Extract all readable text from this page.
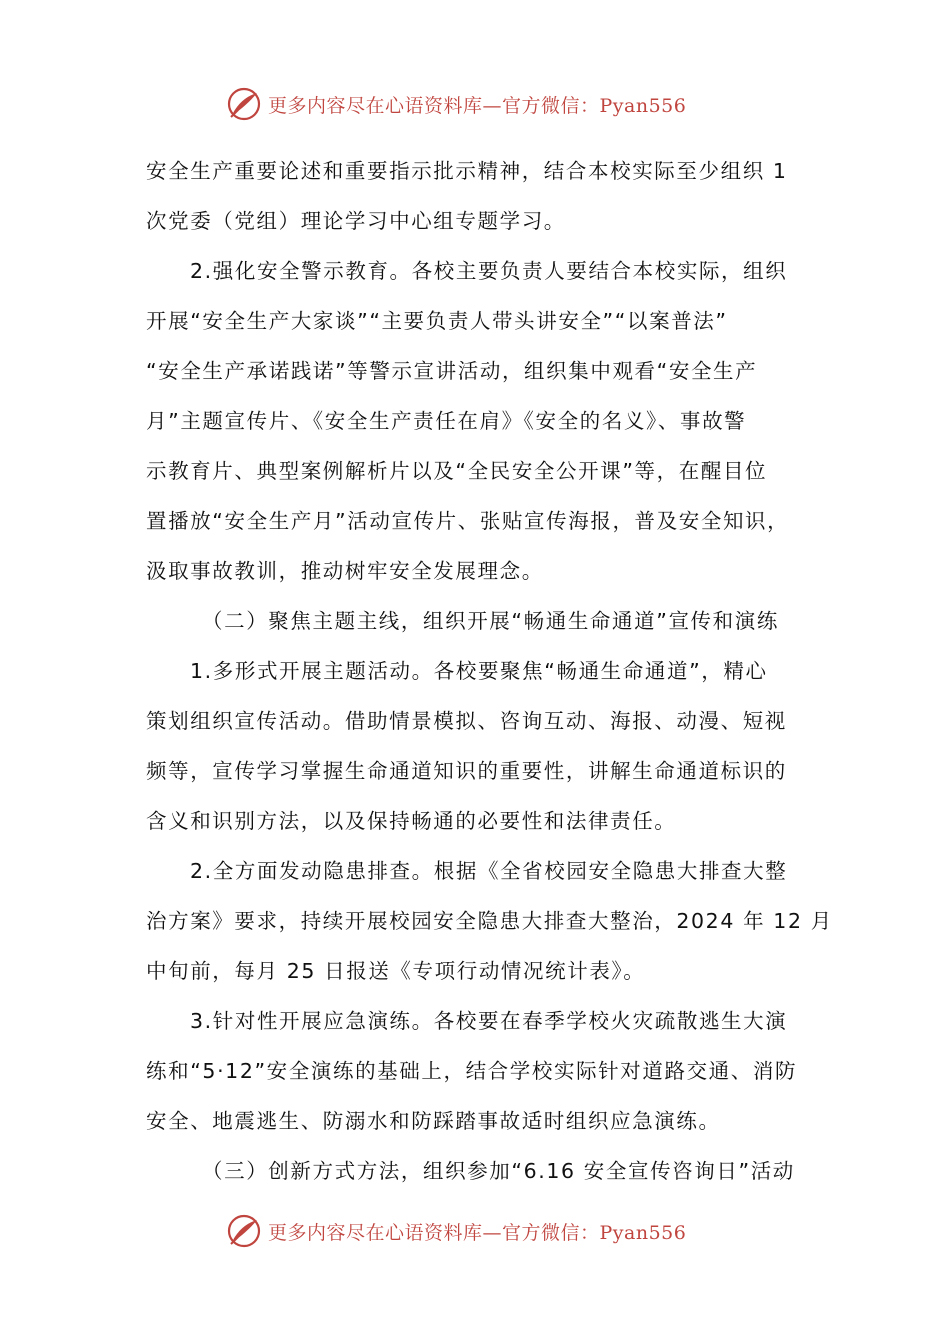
更多内容尽在心语资料库—官方微信：Pyan556
安全生产重要论述和重要指示批示精神，结合本校实际至少组织 1
次党委（党组）理论学习中心组专题学习。
2.强化安全警示教育。各校主要负责人要结合本校实际，组织
开展“安全生产大家谈”“主要负责人带头讲安全”“以案普法”
“安全生产承诺践诺”等警示宣讲活动，组织集中观看“安全生产
月”主题宣传片、《安全生产责任在肩》《安全的名义》、事故警
示教育片、典型案例解析片以及“全民安全公开课”等，在醒目位
置播放“安全生产月”活动宣传片、张贴宣传海报，普及安全知识，
汲取事故教训，推动树牢安全发展理念。
（二）聚焦主题主线，组织开展“畅通生命通道”宣传和演练
1.多形式开展主题活动。各校要聚焦“畅通生命通道”，精心
策划组织宣传活动。借助情景模拟、咨询互动、海报、动漫、短视
频等，宣传学习掌握生命通道知识的重要性，讲解生命通道标识的
含义和识别方法，以及保持畅通的必要性和法律责任。
2.全方面发动隐患排查。根据《全省校园安全隐患大排查大整
治方案》要求，持续开展校园安全隐患大排查大整治，2024 年 12 月
中旬前，每月 25 日报送《专项行动情况统计表》。
3.针对性开展应急演练。各校要在春季学校火灾疏散逃生大演
练和“5·12”安全演练的基础上，结合学校实际针对道路交通、消防
安全、地震逃生、防溺水和防踩踏事故适时组织应急演练。
（三）创新方式方法，组织参加“6.16 安全宣传咨询日”活动
更多内容尽在心语资料库—官方微信：Pyan556
